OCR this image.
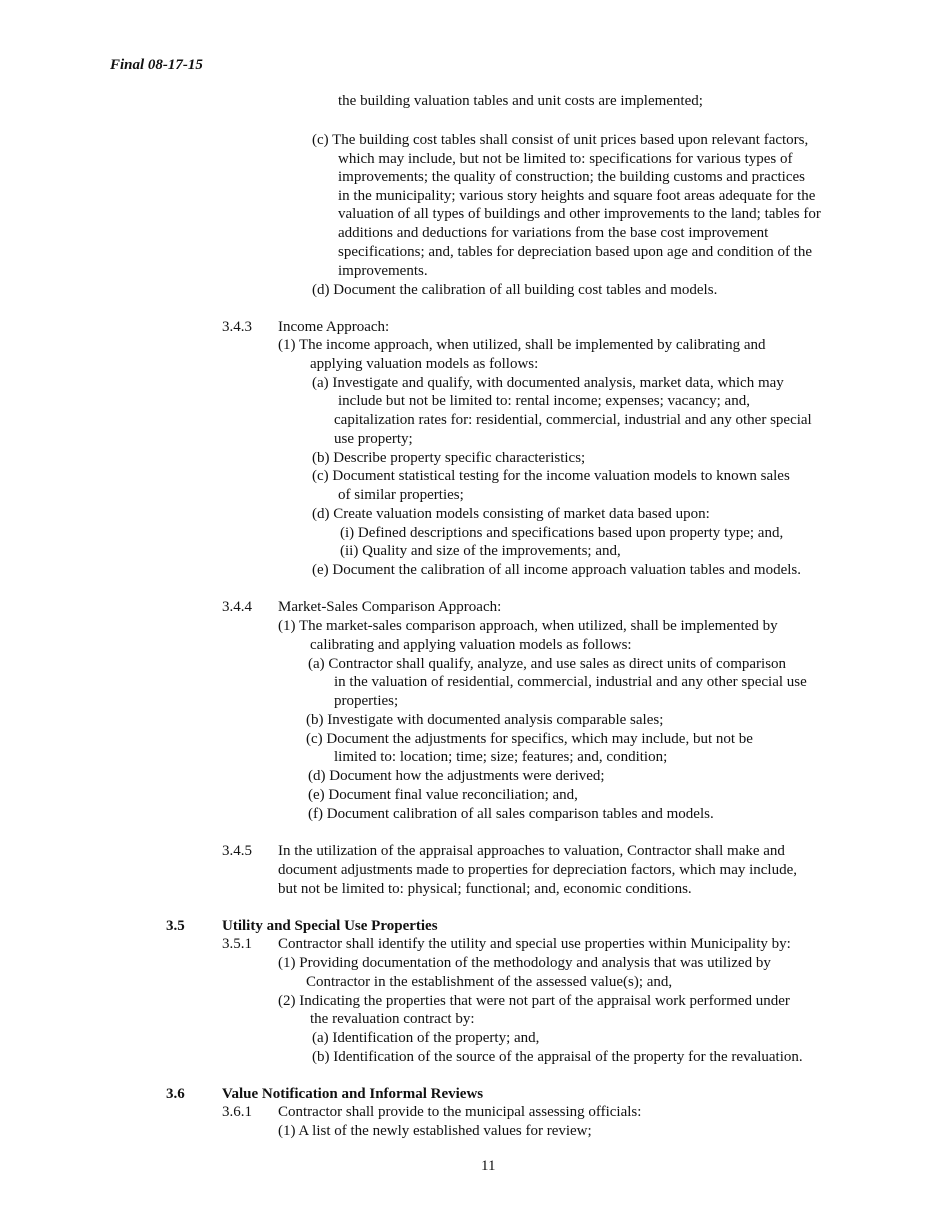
Final 08-17-15
the building valuation tables and unit costs are implemented;
(c) The building cost tables shall consist of unit prices based upon relevant factors,
which may include, but not be limited to: specifications for various types of
improvements; the quality of construction; the building customs and practices
in the municipality; various story heights and square foot areas adequate for the
valuation of all types of buildings and other improvements to the land; tables for
additions and deductions for variations from the base cost improvement
specifications; and, tables for depreciation based upon age and condition of the
improvements.
(d) Document the calibration of all building cost tables and models.
3.4.3 Income Approach:
(1) The income approach, when utilized, shall be implemented by calibrating and
applying valuation models as follows:
(a) Investigate and qualify, with documented analysis, market data, which may
include but not be limited to: rental income; expenses; vacancy; and,
capitalization rates for: residential, commercial, industrial and any other special
use property;
(b) Describe property specific characteristics;
(c) Document statistical testing for the income valuation models to known sales
of similar properties;
(d) Create valuation models consisting of market data based upon:
(i) Defined descriptions and specifications based upon property type; and,
(ii) Quality and size of the improvements; and,
(e) Document the calibration of all income approach valuation tables and models.
3.4.4 Market-Sales Comparison Approach:
(1) The market-sales comparison approach, when utilized, shall be implemented by
calibrating and applying valuation models as follows:
(a) Contractor shall qualify, analyze, and use sales as direct units of comparison
in the valuation of residential, commercial, industrial and any other special use
properties;
(b) Investigate with documented analysis comparable sales;
(c) Document the adjustments for specifics, which may include, but not be
limited to: location; time; size; features; and, condition;
(d) Document how the adjustments were derived;
(e) Document final value reconciliation; and,
(f) Document calibration of all sales comparison tables and models.
3.4.5 In the utilization of the appraisal approaches to valuation, Contractor shall make and
document adjustments made to properties for depreciation factors, which may include,
but not be limited to: physical; functional; and, economic conditions.
3.5 Utility and Special Use Properties
3.5.1 Contractor shall identify the utility and special use properties within Municipality by:
(1) Providing documentation of the methodology and analysis that was utilized by
Contractor in the establishment of the assessed value(s); and,
(2) Indicating the properties that were not part of the appraisal work performed under
the revaluation contract by:
(a) Identification of the property; and,
(b) Identification of the source of the appraisal of the property for the revaluation.
3.6 Value Notification and Informal Reviews
3.6.1 Contractor shall provide to the municipal assessing officials:
(1) A list of the newly established values for review;
11
